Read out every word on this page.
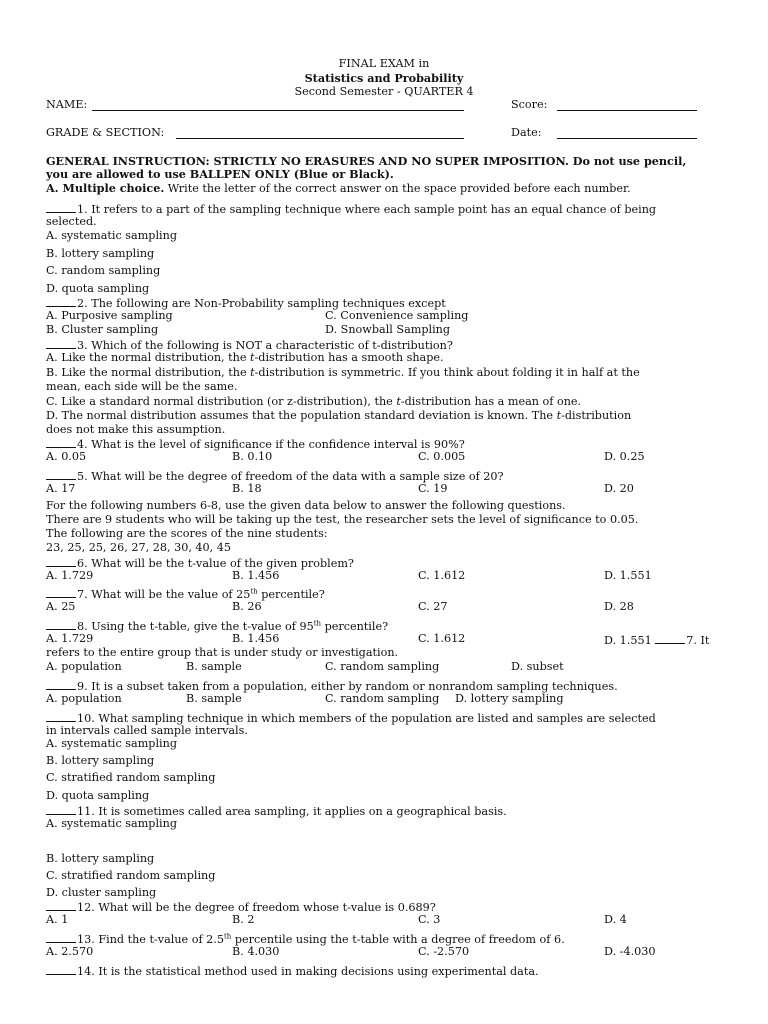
FINAL EXAM in
Statistics and Probability
Second Semester - QUARTER 4
NAME:	Score:
GRADE & SECTION:	Date:
GENERAL INSTRUCTION: STRICTLY NO ERASURES AND NO SUPER IMPOSITION. Do not use pencil,
you are allowed to use BALLPEN ONLY (Blue or Black).
A. Multiple choice. Write the letter of the correct answer on the space provided before each number.
1. It refers to a part of the sampling technique where each sample point has an equal chance of being
selected.
A. systematic sampling
B. lottery sampling
C. random sampling
D. quota sampling
2. The following are Non-Probability sampling techniques except
A. Purposive sampling	C. Convenience sampling
B. Cluster sampling	D. Snowball Sampling
3. Which of the following is NOT a characteristic of t-distribution?
A. Like the normal distribution, the t-distribution has a smooth shape.
B. Like the normal distribution, the t-distribution is symmetric. If you think about folding it in half at the
mean, each side will be the same.
C. Like a standard normal distribution (or z-distribution), the t-distribution has a mean of one.
D. The normal distribution assumes that the population standard deviation is known. The t-distribution
does not make this assumption.
4. What is the level of significance if the confidence interval is 90%?
A. 0.05	B. 0.10	C. 0.005	D. 0.25
5. What will be the degree of freedom of the data with a sample size of 20?
A. 17	B. 18	C. 19	D. 20
For the following numbers 6-8, use the given data below to answer the following questions.
There are 9 students who will be taking up the test, the researcher sets the level of significance to 0.05.
The following are the scores of the nine students:
23, 25, 25, 26, 27, 28, 30, 40, 45
6. What will be the t-value of the given problem?
A. 1.729	B. 1.456	C. 1.612	D. 1.551
7. What will be the value of 25th percentile?
A. 25	B. 26	C. 27	D. 28
8. Using the t-table, give the t-value of 95th percentile?
A. 1.729	B. 1.456	C. 1.612	D. 1.551	7. It
refers to the entire group that is under study or investigation.
A. population	B. sample	C. random sampling	D. subset
9. It is a subset taken from a population, either by random or nonrandom sampling techniques.
A. population	B. sample	C. random sampling D. lottery sampling
10. What sampling technique in which members of the population are listed and samples are selected
in intervals called sample intervals.
A. systematic sampling
B. lottery sampling
C. stratified random sampling
D. quota sampling
11. It is sometimes called area sampling, it applies on a geographical basis.
A. systematic sampling
B. lottery sampling
C. stratified random sampling
D. cluster sampling
12. What will be the degree of freedom whose t-value is 0.689?
A. 1	B. 2	C. 3	D. 4
13. Find the t-value of 2.5th percentile using the t-table with a degree of freedom of 6.
A. 2.570	B. 4.030	C. -2.570	D. -4.030
14. It is the statistical method used in making decisions using experimental data.
